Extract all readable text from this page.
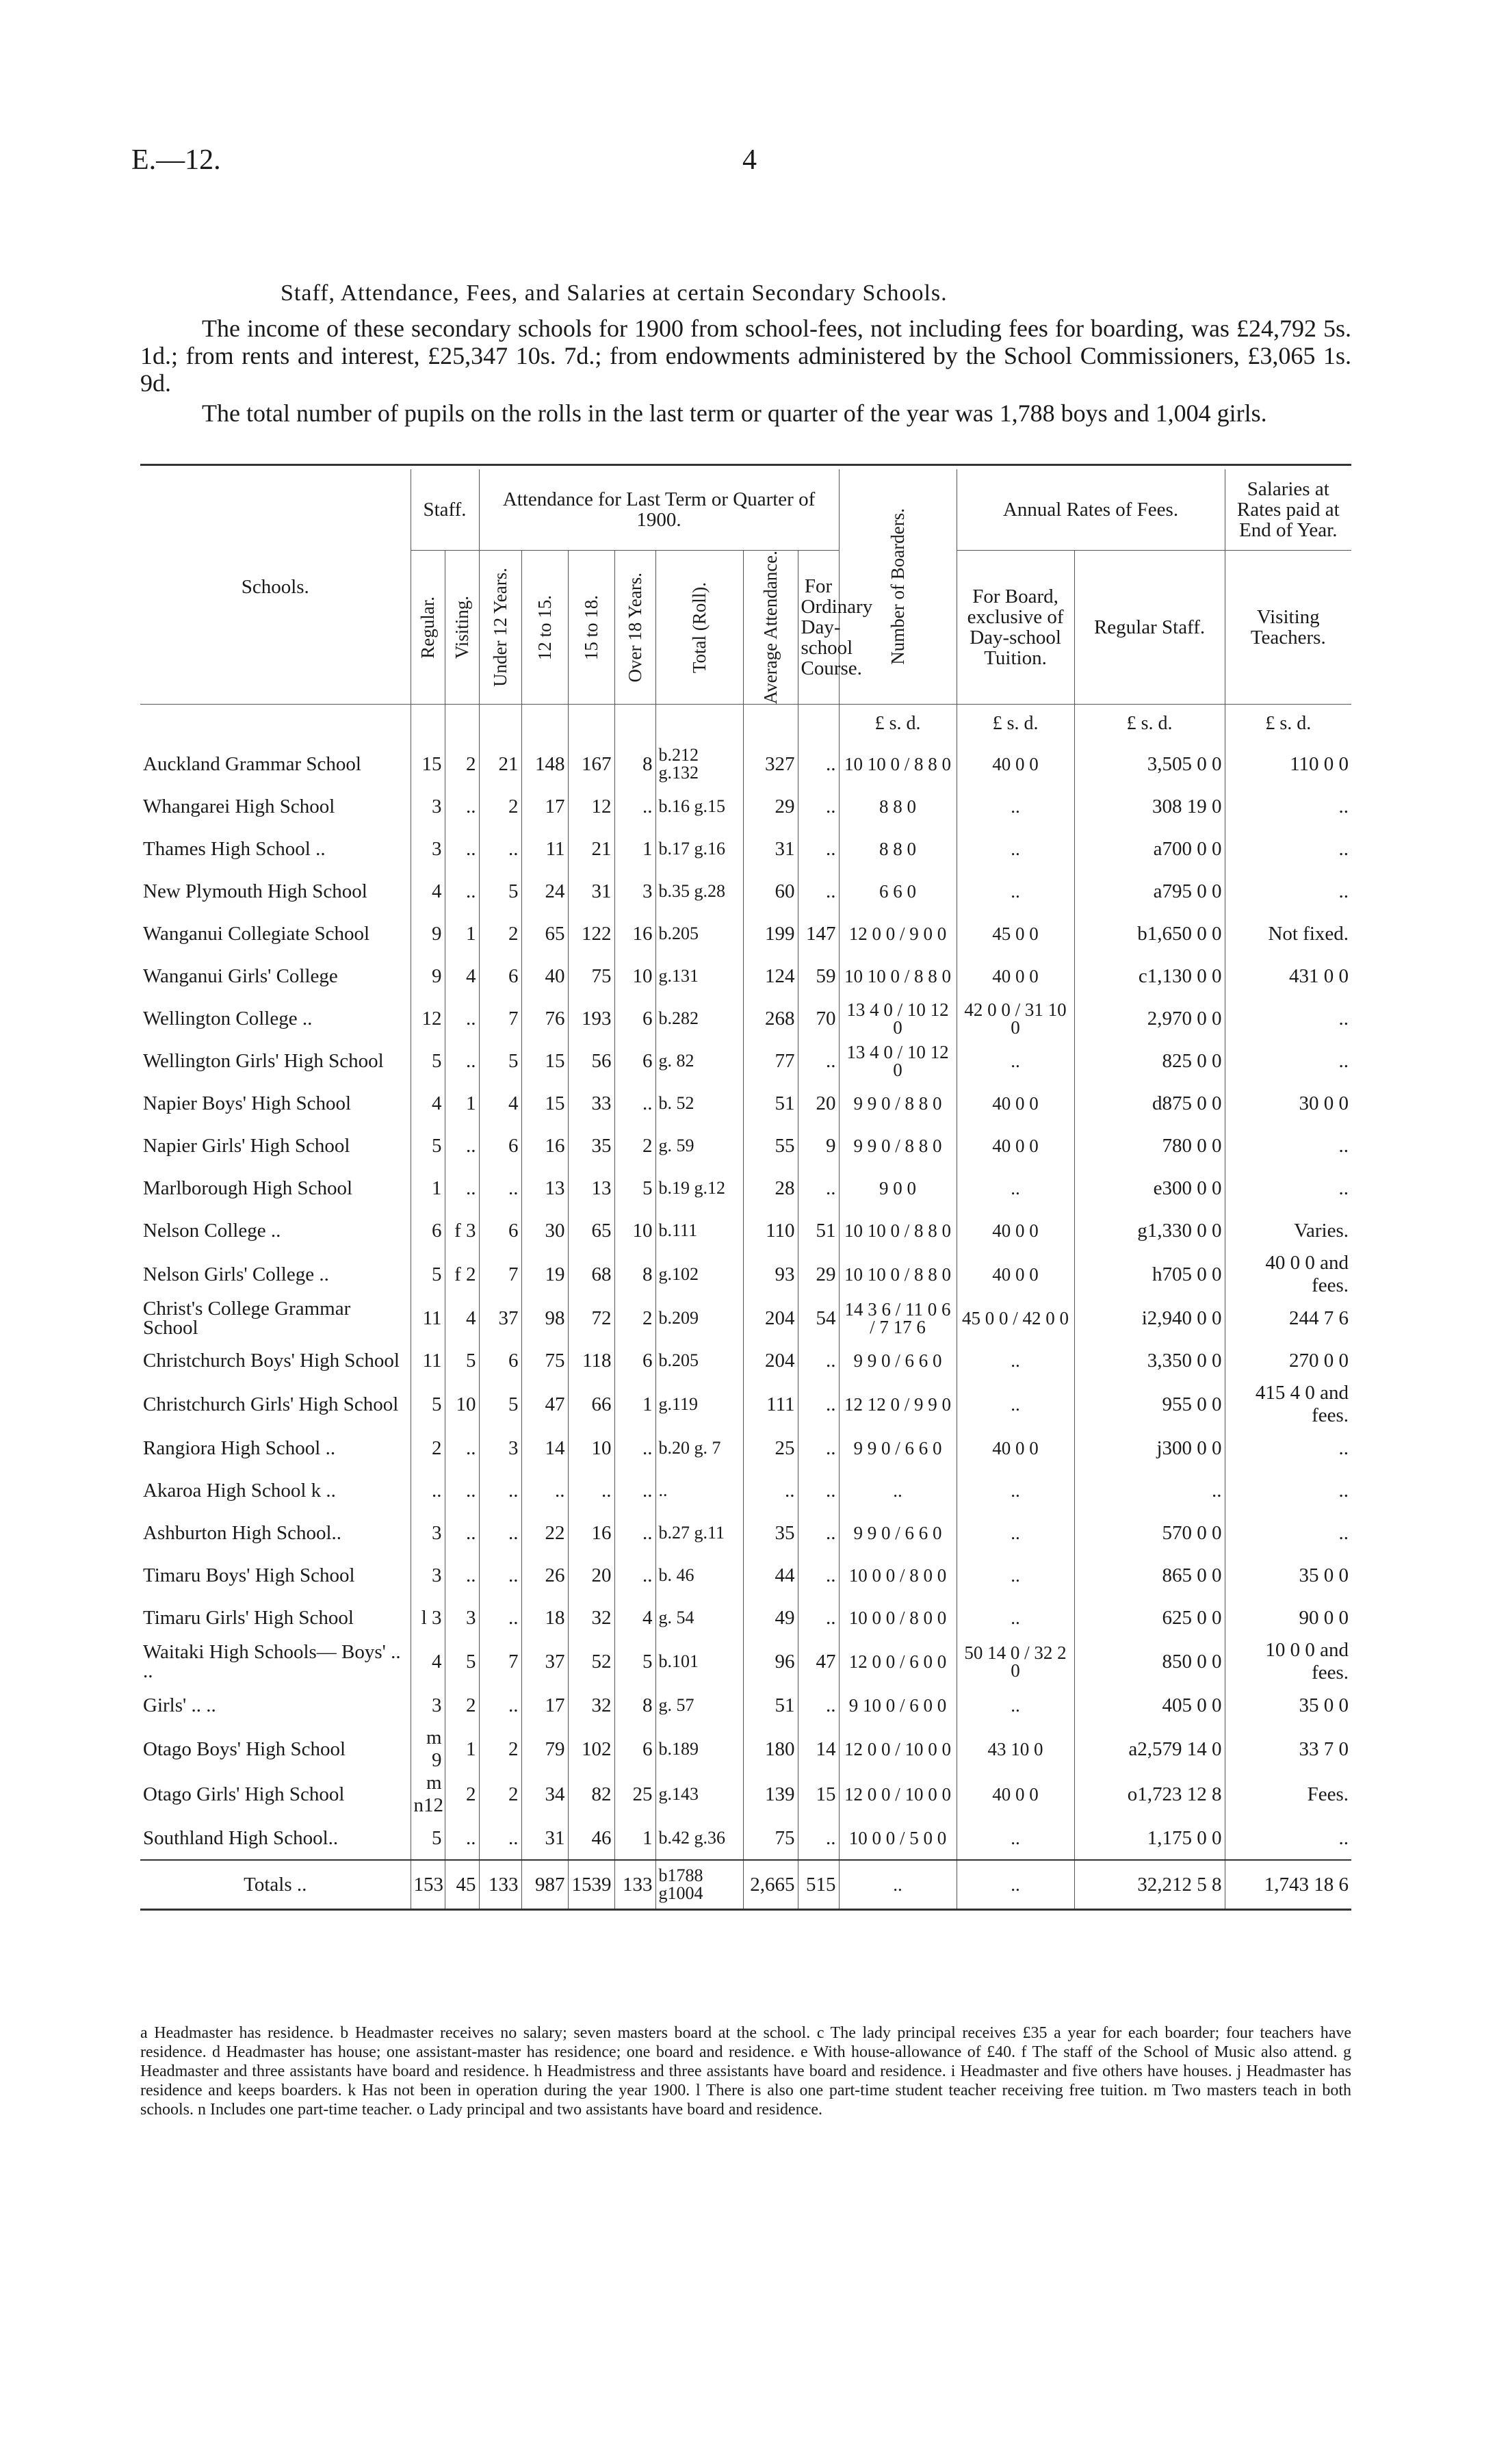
E.—12.	4
Staff, Attendance, Fees, and Salaries at certain Secondary Schools.
The income of these secondary schools for 1900 from school-fees, not including fees for boarding, was £24,792 5s. 1d.; from rents and interest, £25,347 10s. 7d.; from endowments administered by the School Commissioners, £3,065 1s. 9d.
The total number of pupils on the rolls in the last term or quarter of the year was 1,788 boys and 1,004 girls.
Schools.	Staff.		Attendance for Last Term or Quarter of 1900.							Number of Boarders.	Annual Rates of Fees.		Salaries at Rates paid at End of Year.

	Regular.	Visiting.	Under 12 Years.	12 to 15.	15 to 18.	Over 18 Years.	Total (Roll).	Average Attendance.	For Ordinary Day-school Course.		For Board, exclusive of Day-school Tuition.	Regular Staff.	Visiting Teachers.
										£ s. d.	£ s. d.	£ s. d.	£ s. d.
Auckland Grammar School	15	2	21	148	167	8	b.212 g.132	327	..	10 10 0 / 8 8 0	40 0 0	3,505 0 0	110 0 0
Whangarei High School	3	..	2	17	12	..	b.16 g.15	29	..	8 8 0	..	308 19 0	..
Thames High School ..	3	..	..	11	21	1	b.17 g.16	31	..	8 8 0	..	a700 0 0	..
New Plymouth High School	4	..	5	24	31	3	b.35 g.28	60	..	6 6 0	..	a795 0 0	..
Wanganui Collegiate School	9	1	2	65	122	16	b.205	199	147	12 0 0 / 9 0 0	45 0 0	b1,650 0 0	Not fixed.
Wanganui Girls' College	9	4	6	40	75	10	g.131	124	59	10 10 0 / 8 8 0	40 0 0	c1,130 0 0	431 0 0
Wellington College ..	12	..	7	76	193	6	b.282	268	70	13 4 0 / 10 12 0	42 0 0 / 31 10 0	2,970 0 0	..
Wellington Girls' High School	5	..	5	15	56	6	g. 82	77	..	13 4 0 / 10 12 0	..	825 0 0	..
Napier Boys' High School	4	1	4	15	33	..	b. 52	51	20	9 9 0 / 8 8 0	40 0 0	d875 0 0	30 0 0
Napier Girls' High School	5	..	6	16	35	2	g. 59	55	9	9 9 0 / 8 8 0	40 0 0	780 0 0	..
Marlborough High School	1	..	..	13	13	5	b.19 g.12	28	..	9 0 0	..	e300 0 0	..
Nelson College ..	6	f 3	6	30	65	10	b.111	110	51	10 10 0 / 8 8 0	40 0 0	g1,330 0 0	Varies.
Nelson Girls' College ..	5	f 2	7	19	68	8	g.102	93	29	10 10 0 / 8 8 0	40 0 0	h705 0 0	40 0 0 and fees.
Christ's College Grammar School	11	4	37	98	72	2	b.209	204	54	14 3 6 / 11 0 6 / 7 17 6	45 0 0 / 42 0 0	i2,940 0 0	244 7 6
Christchurch Boys' High School	11	5	6	75	118	6	b.205	204	..	9 9 0 / 6 6 0	..	3,350 0 0	270 0 0
Christchurch Girls' High School	5	10	5	47	66	1	g.119	111	..	12 12 0 / 9 9 0	..	955 0 0	415 4 0 and fees.
Rangiora High School ..	2	..	3	14	10	..	b.20 g. 7	25	..	9 9 0 / 6 6 0	40 0 0	j300 0 0	..
Akaroa High School k ..	..	..	..	..	..	..	..	..	..	..	..	..	..
Ashburton High School..	3	..	..	22	16	..	b.27 g.11	35	..	9 9 0 / 6 6 0	..	570 0 0	..
Timaru Boys' High School	3	..	..	26	20	..	b. 46	44	..	10 0 0 / 8 0 0	..	865 0 0	35 0 0
Timaru Girls' High School	l 3	3	..	18	32	4	g. 54	49	..	10 0 0 / 8 0 0	..	625 0 0	90 0 0
Waitaki High Schools— Boys' .. ..	4	5	7	37	52	5	b.101	96	47	12 0 0 / 6 0 0	50 14 0 / 32 2 0	850 0 0	10 0 0 and fees.
Girls' .. ..	3	2	..	17	32	8	g. 57	51	..	9 10 0 / 6 0 0	..	405 0 0	35 0 0
Otago Boys' High School	m 9	1	2	79	102	6	b.189	180	14	12 0 0 / 10 0 0	43 10 0	a2,579 14 0	33 7 0
Otago Girls' High School	m n12	2	2	34	82	25	g.143	139	15	12 0 0 / 10 0 0	40 0 0	o1,723 12 8	Fees.
Southland High School..	5	..	..	31	46	1	b.42 g.36	75	..	10 0 0 / 5 0 0	..	1,175 0 0	..
Totals ..	153	45	133	987	1539	133	b1788 g1004	2,665	515	..	..	32,212 5 8	1,743 18 6
a Headmaster has residence. b Headmaster receives no salary; seven masters board at the school. c The lady principal receives £35 a year for each boarder; four teachers have residence. d Headmaster has house; one assistant-master has residence; one board and residence. e With house-allowance of £40. f The staff of the School of Music also attend. g Headmaster and three assistants have board and residence. h Headmistress and three assistants have board and residence. i Headmaster and five others have houses. j Headmaster has residence and keeps boarders. k Has not been in operation during the year 1900. l There is also one part-time student teacher receiving free tuition. m Two masters teach in both schools. n Includes one part-time teacher. o Lady principal and two assistants have board and residence.
